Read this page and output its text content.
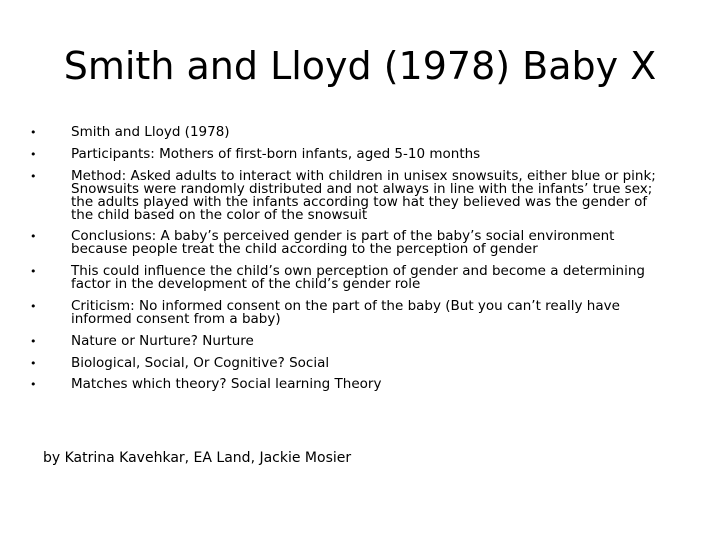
Smith and Lloyd (1978) Baby X
•	Smith and Lloyd (1978)
•	Participants: Mothers of first-born infants, aged 5-10 months
•	Method: Asked adults to interact with children in unisex snowsuits, either blue or pink; Snowsuits were randomly distributed and not always in line with the infants’ true sex; the adults played with the infants according tow hat they believed was the gender of the child based on the color of the snowsuit
•	Conclusions: A baby’s perceived gender is part of the baby’s social environment because people treat the child according to the perception of gender
•	This could influence the child’s own perception of gender and become a determining factor in the development of the child’s gender role
•	Criticism: No informed consent on the part of the baby (But you can’t really have informed consent from a baby)
•	Nature or Nurture? Nurture
•	Biological, Social, Or Cognitive? Social
•	Matches which theory? Social learning Theory

by Katrina Kavehkar, EA Land, Jackie Mosier
